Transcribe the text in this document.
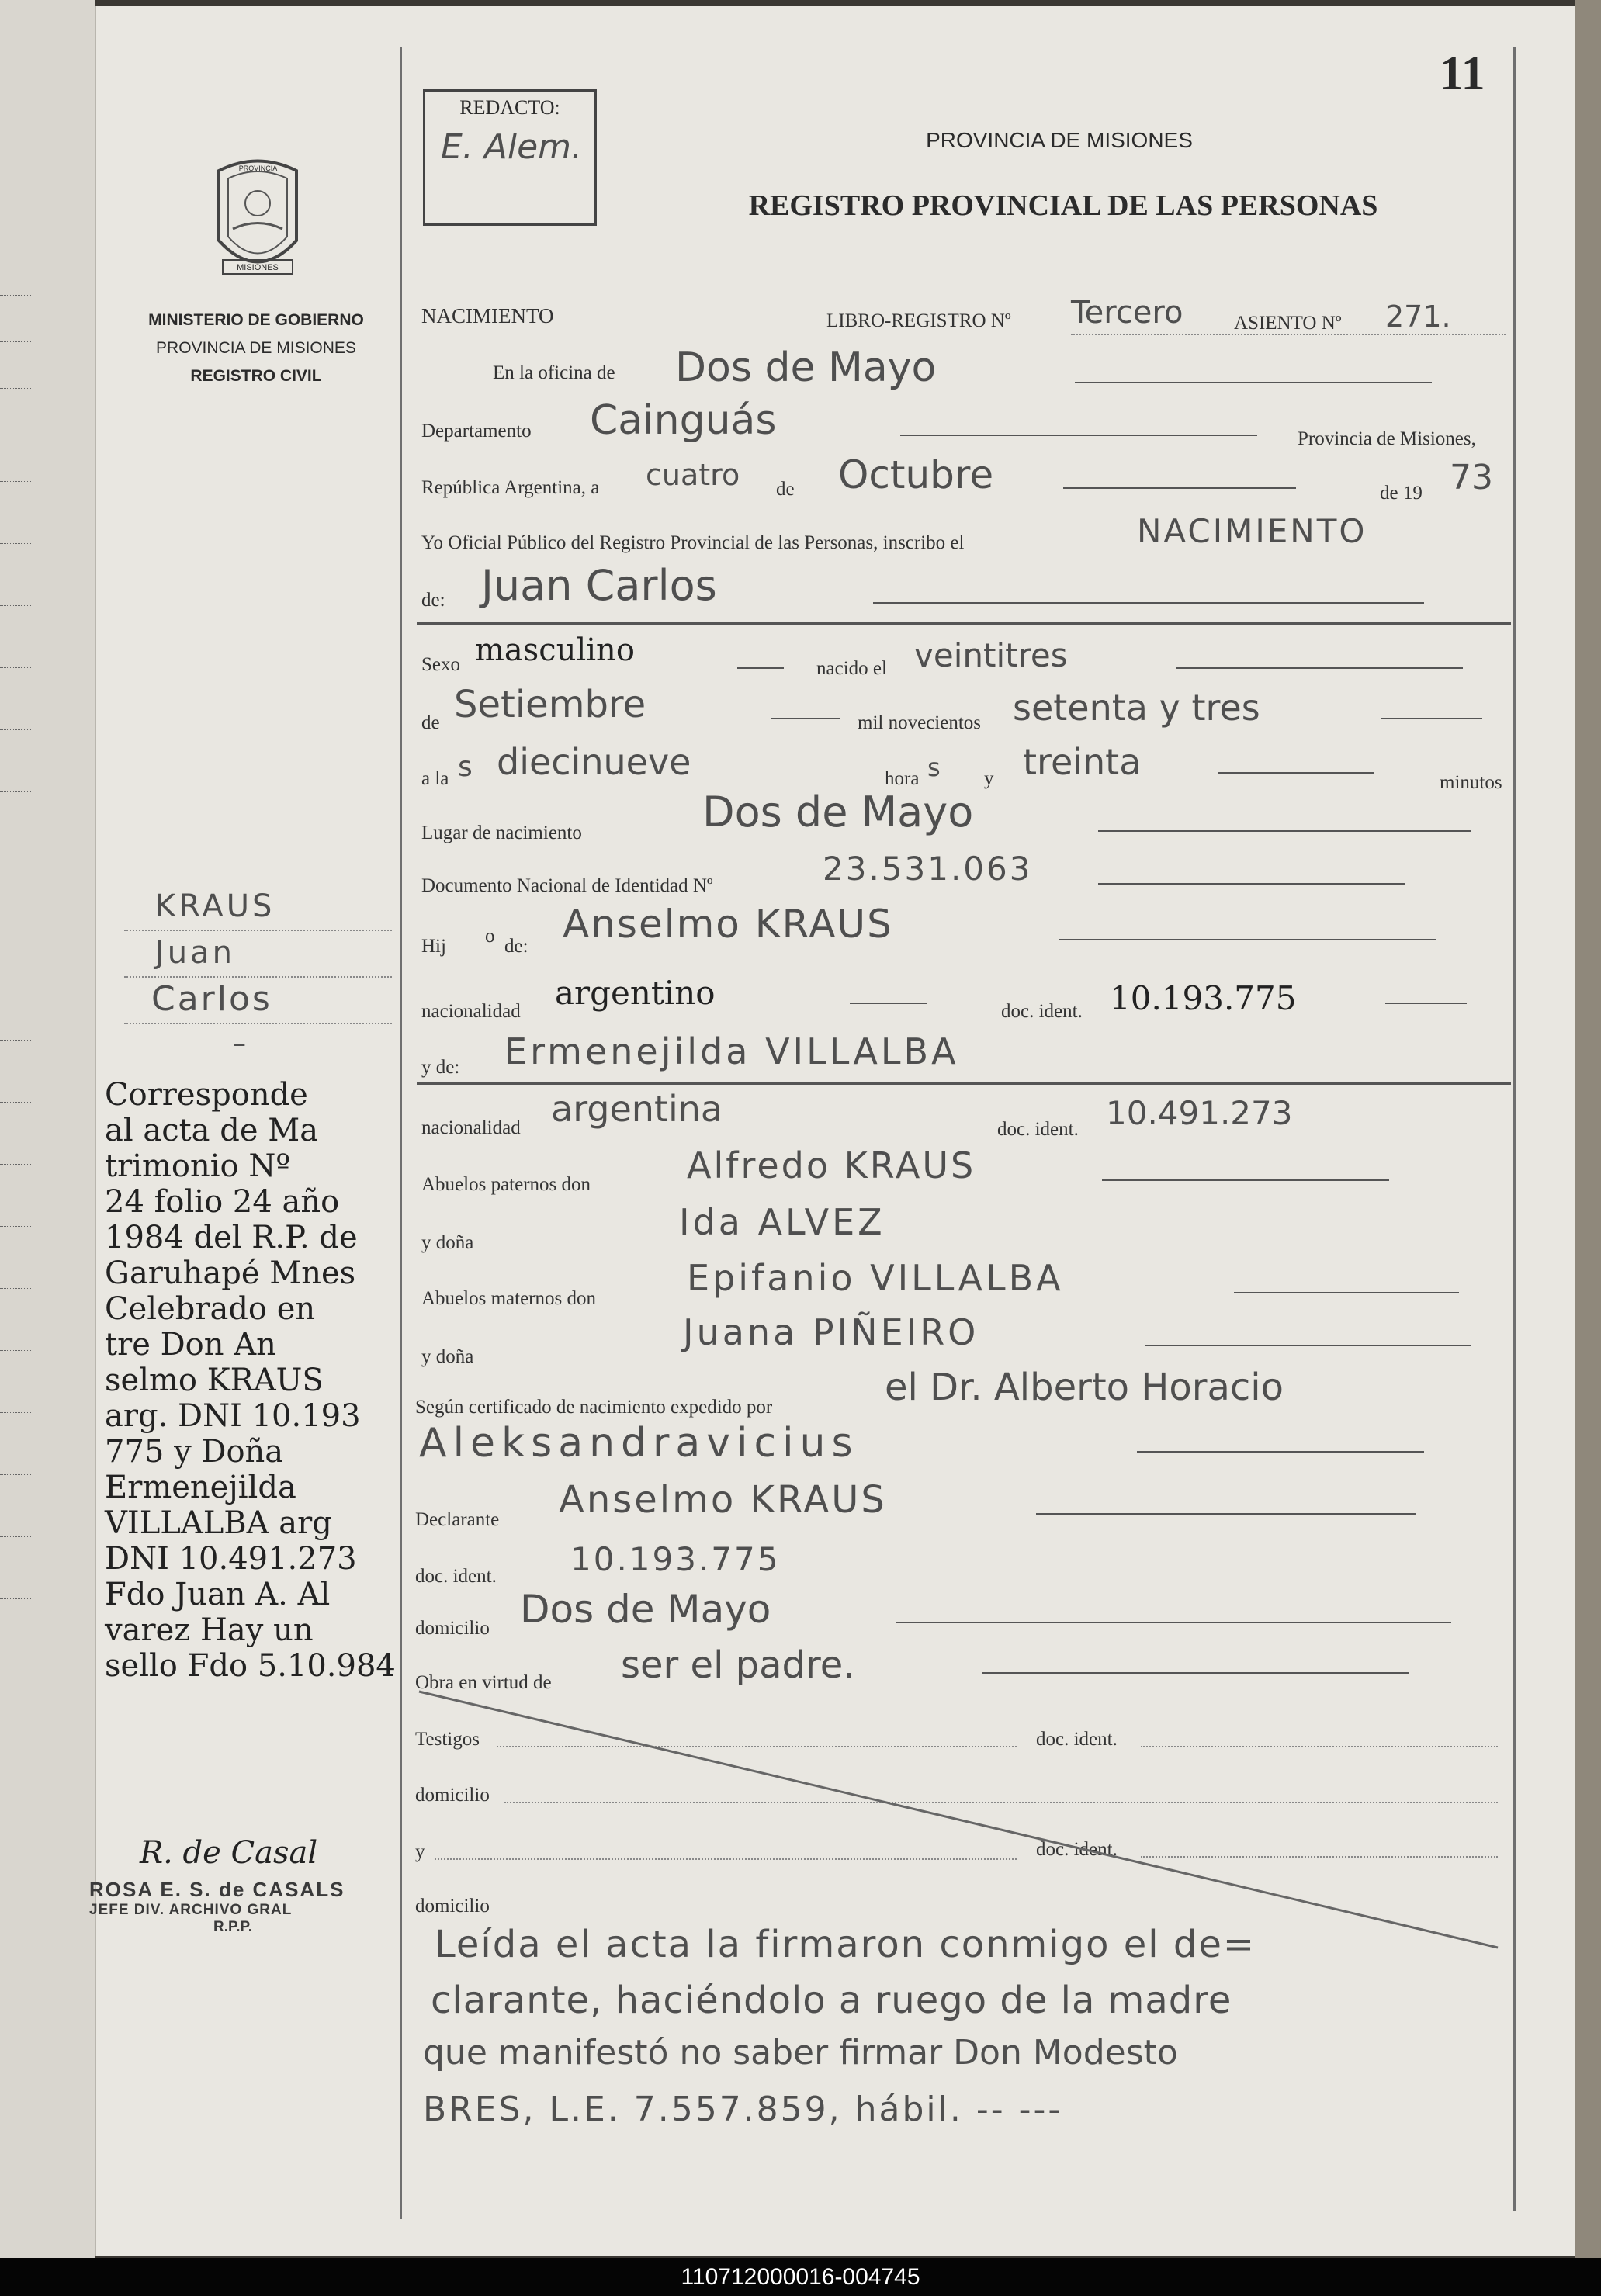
11
REDACTO:
E. Alem.	PROVINCIA DE MISIONES
REGISTRO PROVINCIAL DE LAS PERSONAS
PROVINCIA
MISIONES
MINISTERIO DE GOBIERNO
PROVINCIA DE MISIONES
REGISTRO CIVIL
NACIMIENTO	LIBRO-REGISTRO Nº Tercero	ASIENTO Nº 271.
En la oficina de Dos de Mayo
Departamento Cainguás	Provincia de Misiones,
República Argentina, a cuatro de Octubre	de 19 73
Yo Oficial Público del Registro Provincial de las Personas, inscribo el	NACIMIENTO
de: Juan Carlos
Sexo masculino
nacido el veintitres
de Setiembre	mil novecientos setenta y tres
a la s diecinueve	hora s y treinta	minutos
Lugar de nacimiento	Dos de Mayo
Documento Nacional de Identidad Nº	23.531.063
Hij o de: Anselmo KRAUS
nacionalidad argentino	doc. ident. 10.193.775
y de: Ermenejilda VILLALBA
nacionalidad argentina	doc. ident. 10.491.273
Abuelos paternos don	Alfredo KRAUS
y doña	Ida ALVEZ
Abuelos maternos don	Epifanio VILLALBA
y doña
Juana PIÑEIRO
Según certificado de nacimiento expedido por	el Dr. Alberto Horacio
Aleksandravicius
Declarante Anselmo KRAUS
doc. ident. 10.193.775
domicilio Dos de Mayo
Obra en virtud de ser el padre.
Testigos	doc. ident.
domicilio
y	doc. ident.
domicilio
Leída el acta la firmaron conmigo el de=
clarante, haciéndolo a ruego de la madre
que manifestó no saber firmar Don Modesto
BRES, L.E. 7.557.859, hábil. -- ---
KRAUS
Juan
Carlos
–
Corresponde
al acta de Ma
trimonio Nº
24 folio 24 año
1984 del R.P. de
Garuhapé Mnes
Celebrado en
tre Don An
selmo KRAUS
arg. DNI 10.193
775 y Doña
Ermenejilda
VILLALBA arg
DNI 10.491.273
Fdo Juan A. Al
varez Hay un
sello Fdo 5.10.984
R. de Casal
ROSA E. S. de CASALS
JEFE DIV. ARCHIVO GRAL
R.P.P.
110712000016-004745
